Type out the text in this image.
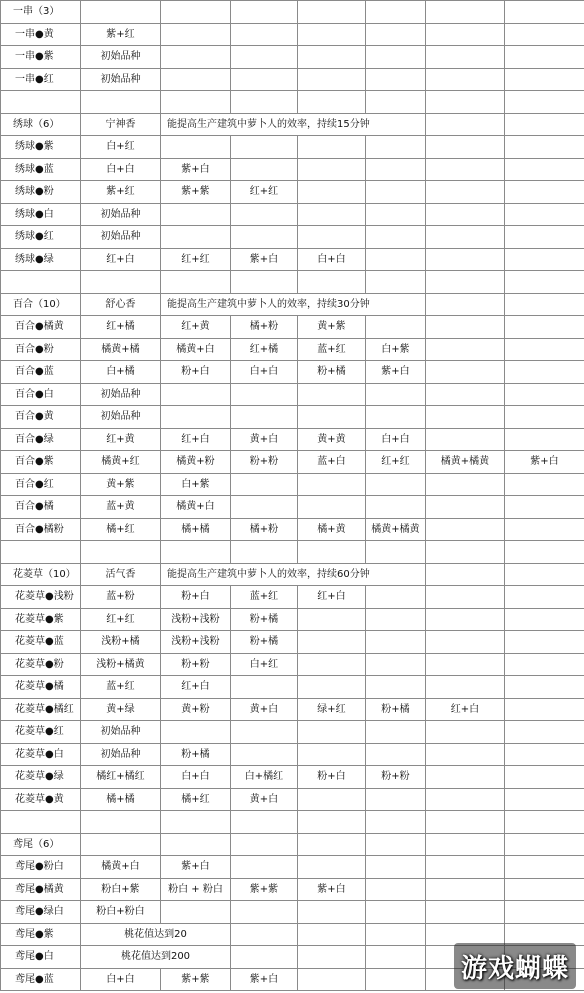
一串（3）							
一串●黄	紫+红						
一串●紫	初始品种						
一串●红	初始品种						

绣球（6）	宁神香	能提高生产建筑中萝卜人的效率，持续15分钟					
绣球●紫	白+红						
绣球●蓝	白+白	紫+白					
绣球●粉	紫+红	紫+紫	红+红				
绣球●白	初始品种						
绣球●红	初始品种						
绣球●绿	红+白	红+红	紫+白	白+白			

百合（10）	舒心香	能提高生产建筑中萝卜人的效率，持续30分钟					
百合●橘黄	红+橘	红+黄	橘+粉	黄+紫			
百合●粉	橘黄+橘	橘黄+白	红+橘	蓝+红	白+紫		
百合●蓝	白+橘	粉+白	白+白	粉+橘	紫+白		
百合●白	初始品种						
百合●黄	初始品种						
百合●绿	红+黄	红+白	黄+白	黄+黄	白+白		
百合●紫	橘黄+红	橘黄+粉	粉+粉	蓝+白	红+红	橘黄+橘黄	紫+白
百合●红	黄+紫	白+紫					
百合●橘	蓝+黄	橘黄+白					
百合●橘粉	橘+红	橘+橘	橘+粉	橘+黄	橘黄+橘黄		

花菱草（10）	活气香	能提高生产建筑中萝卜人的效率，持续60分钟					
花菱草●浅粉	蓝+粉	粉+白	蓝+红	红+白			
花菱草●紫	红+红	浅粉+浅粉	粉+橘				
花菱草●蓝	浅粉+橘	浅粉+浅粉	粉+橘				
花菱草●粉	浅粉+橘黄	粉+粉	白+红				
花菱草●橘	蓝+红	红+白					
花菱草●橘红	黄+绿	黄+粉	黄+白	绿+红	粉+橘	红+白	
花菱草●红	初始品种						
花菱草●白	初始品种	粉+橘					
花菱草●绿	橘红+橘红	白+白	白+橘红	粉+白	粉+粉		
花菱草●黄	橘+橘	橘+红	黄+白				

鸢尾（6）							
鸢尾●粉白	橘黄+白	紫+白					
鸢尾●橘黄	粉白+紫	粉白 + 粉白	紫+紫	紫+白			
鸢尾●绿白	粉白+粉白						
鸢尾●紫	桃花值达到20						
鸢尾●白	桃花值达到200						
鸢尾●蓝	白+白	紫+紫	紫+白					游戏蝴蝶
